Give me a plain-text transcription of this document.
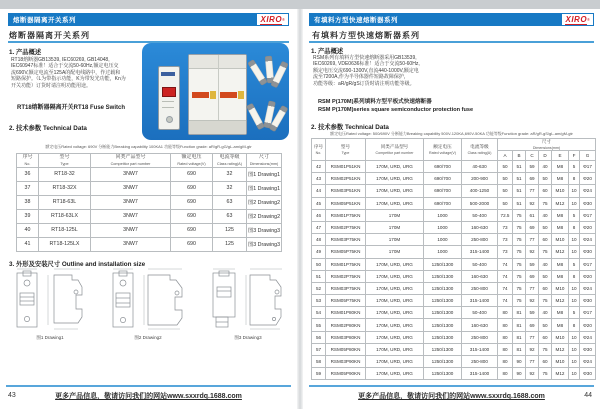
熔断器隔离开关系列	XIRO ®
熔断器隔离开关系列
1. 产品概述
RT18熔断器GB13539, IEC60269, GB14048,
IEC60947标准！适合于交流50-60Hz,额定电压交
流690V,额定电流至125A的配电线路中，作过载和
短路保护。（L为带指示功能，K为带发光功能，Kn为
开关功能）订货时请注明功能用途。
RT18熔断器隔离开关RT18 Fuse Switch
2. 技术参数 Technical Data
额定电压Rated voltage: 690V 分断能力Breaking capability 100KA1 功能等级Function grade: aR/gR-gG/gL-am/gM-gtr
序号
No.	型号
Type	同类产品型号
Competitor part number	额定电压
Rated voltage(V)	电流等级
Class rating(A)	尺寸
Dimensions(mm)

36	RT18-32	3NW7	690	32	图1 Drawing1
37	RT18-32X	3NW7	690	32	图1 Drawing1
38	RT18-63L	3NW7	690	63	图2 Drawing2
39	RT18-63LX	3NW7	690	63	图2 Drawing2
40	RT18-125L	3NW7	690	125	图3 Drawing3
41	RT18-125LX	3NW7	690	125	图3 Drawing3
3. 外形及安装尺寸 Outline and installation size
图1 Drawing1	图2 Drawing2	图3 Drawing3
43	更多产品信息，敬请访问我们的网站www.sxxrdq.1688.com
有填料方型快速熔断器系列	XIRO ®
有填料方型快速熔断器系列
1. 产品概述
RSM系列有填料方型快速熔断器采用GB13539,
IEC60269, VDE0636标准！适合于交流50-60Hz,
额定电压交流690-1300V,直流440-1000V,额定电
流至7200A,作为半导体器件短路故障保护，
功能等级：aR/gR/gS订货时请注明功能等级。
RSM P(170M)系列填料方型平板式快速熔断器
RSM P(170M)series square semiconductor protection fuse
2. 技术参数 Technical Data
额定电压Rated voltage: 500/690V 分断能力Breaking capability 500V-120KA,690V-50KA 功能等级Function grade: aR/gR-gS/gL-am/gM-gtr
序号
No.	型号
Type	同类产品型号
Competitor part number	额定电压
Rated voltage(V)	电流等级
Class rating(A)	尺寸
Dimensions(mm)						

					A	B	C	D	E	F	G
42	RSM01P51KN	170M, URD, URG	690/700	40-630	50	51	59	40	M8	5	Φ17
43	RSM02P51KN	170M, URD, URG	690/700	200-900	50	51	69	50	M8	8	Φ20
44	RSM03P51KN	170M, URD, URG	690/700	400-1250	50	51	77	60	M10	10	Φ24
45	RSM05P51KN	170M, URD, URG	690/700	500-2000	50	51	92	75	M12	10	Φ30
46	RSM01P75KN	170M	1000	50-400	72.5	75	61	40	M8	5	Φ17
47	RSM02P75KN	170M	1000	160-630	73	75	69	50	M8	8	Φ20
48	RSM03P75KN	170M	1000	250-800	73	75	77	60	M10	10	Φ24
49	RSM05P75KN	170M	1000	315-1400	73	75	92	75	M12	10	Φ30
50	RSM01P75KN	170M, URD, URG	1250/1300	50-400	74	75	59	40	M8	5	Φ17
51	RSM02P75KN	170M, URD, URG	1250/1300	160-630	74	75	69	50	M8	8	Φ20
52	RSM03P75KN	170M, URD, URG	1250/1300	250-800	74	75	77	60	M10	10	Φ24
53	RSM05P75KN	170M, URD, URG	1250/1300	315-1400	74	75	92	75	M12	10	Φ30
54	RSM01P80KN	170M, URD, URG	1250/1300	50-400	80	81	59	40	M8	5	Φ17
55	RSM02P80KN	170M, URD, URG	1250/1300	160-630	80	81	69	50	M8	8	Φ20
56	RSM03P80KN	170M, URD, URG	1250/1300	250-800	80	81	77	60	M10	10	Φ24
57	RSM05P80KN	170M, URD, URG	1250/1300	315-1400	80	81	92	75	M12	10	Φ30
58	RSM03P90KN	170M, URD, URG	1250/1300	250-800	80	90	77	60	M10	10	Φ24
59	RSM05P90KN	170M, URD, URG	1250/1300	315-1400	80	90	92	75	M12	10	Φ30
更多产品信息，敬请访问我们的网站www.sxxrdq.1688.com	44
